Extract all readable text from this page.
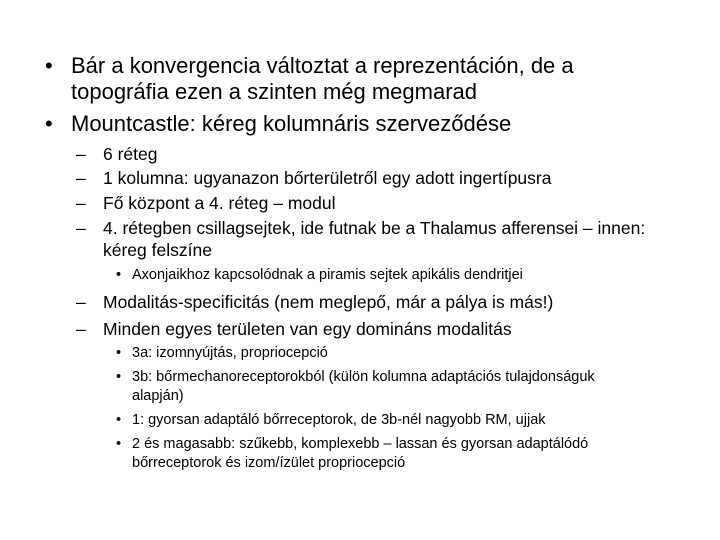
• Bár a konvergencia változtat a reprezentáción, de a topográfia ezen a szinten még megmarad
• Mountcastle: kéreg kolumnáris szerveződése
– 6 réteg
– 1 kolumna: ugyanazon bőrterületről egy adott ingertípusra
– Fő központ a 4. réteg – modul
– 4. rétegben csillagsejtek, ide futnak be a Thalamus afferensei – innen: kéreg felszíne
• Axonjaikhoz kapcsolódnak a piramis sejtek apikális dendritjei
– Modalitás-specificitás (nem meglepő, már a pálya is más!)
– Minden egyes területen van egy domináns modalitás
• 3a: izomnyújtás, propriocepció
• 3b: bőrmechanoreceptorokból (külön kolumna adaptációs tulajdonságuk alapján)
• 1: gyorsan adaptáló bőrreceptorok, de 3b-nél nagyobb RM, ujjak
• 2 és magasabb: szűkebb, komplexebb – lassan és gyorsan adaptálódó bőrreceptorok és izom/ízület propriocepció
